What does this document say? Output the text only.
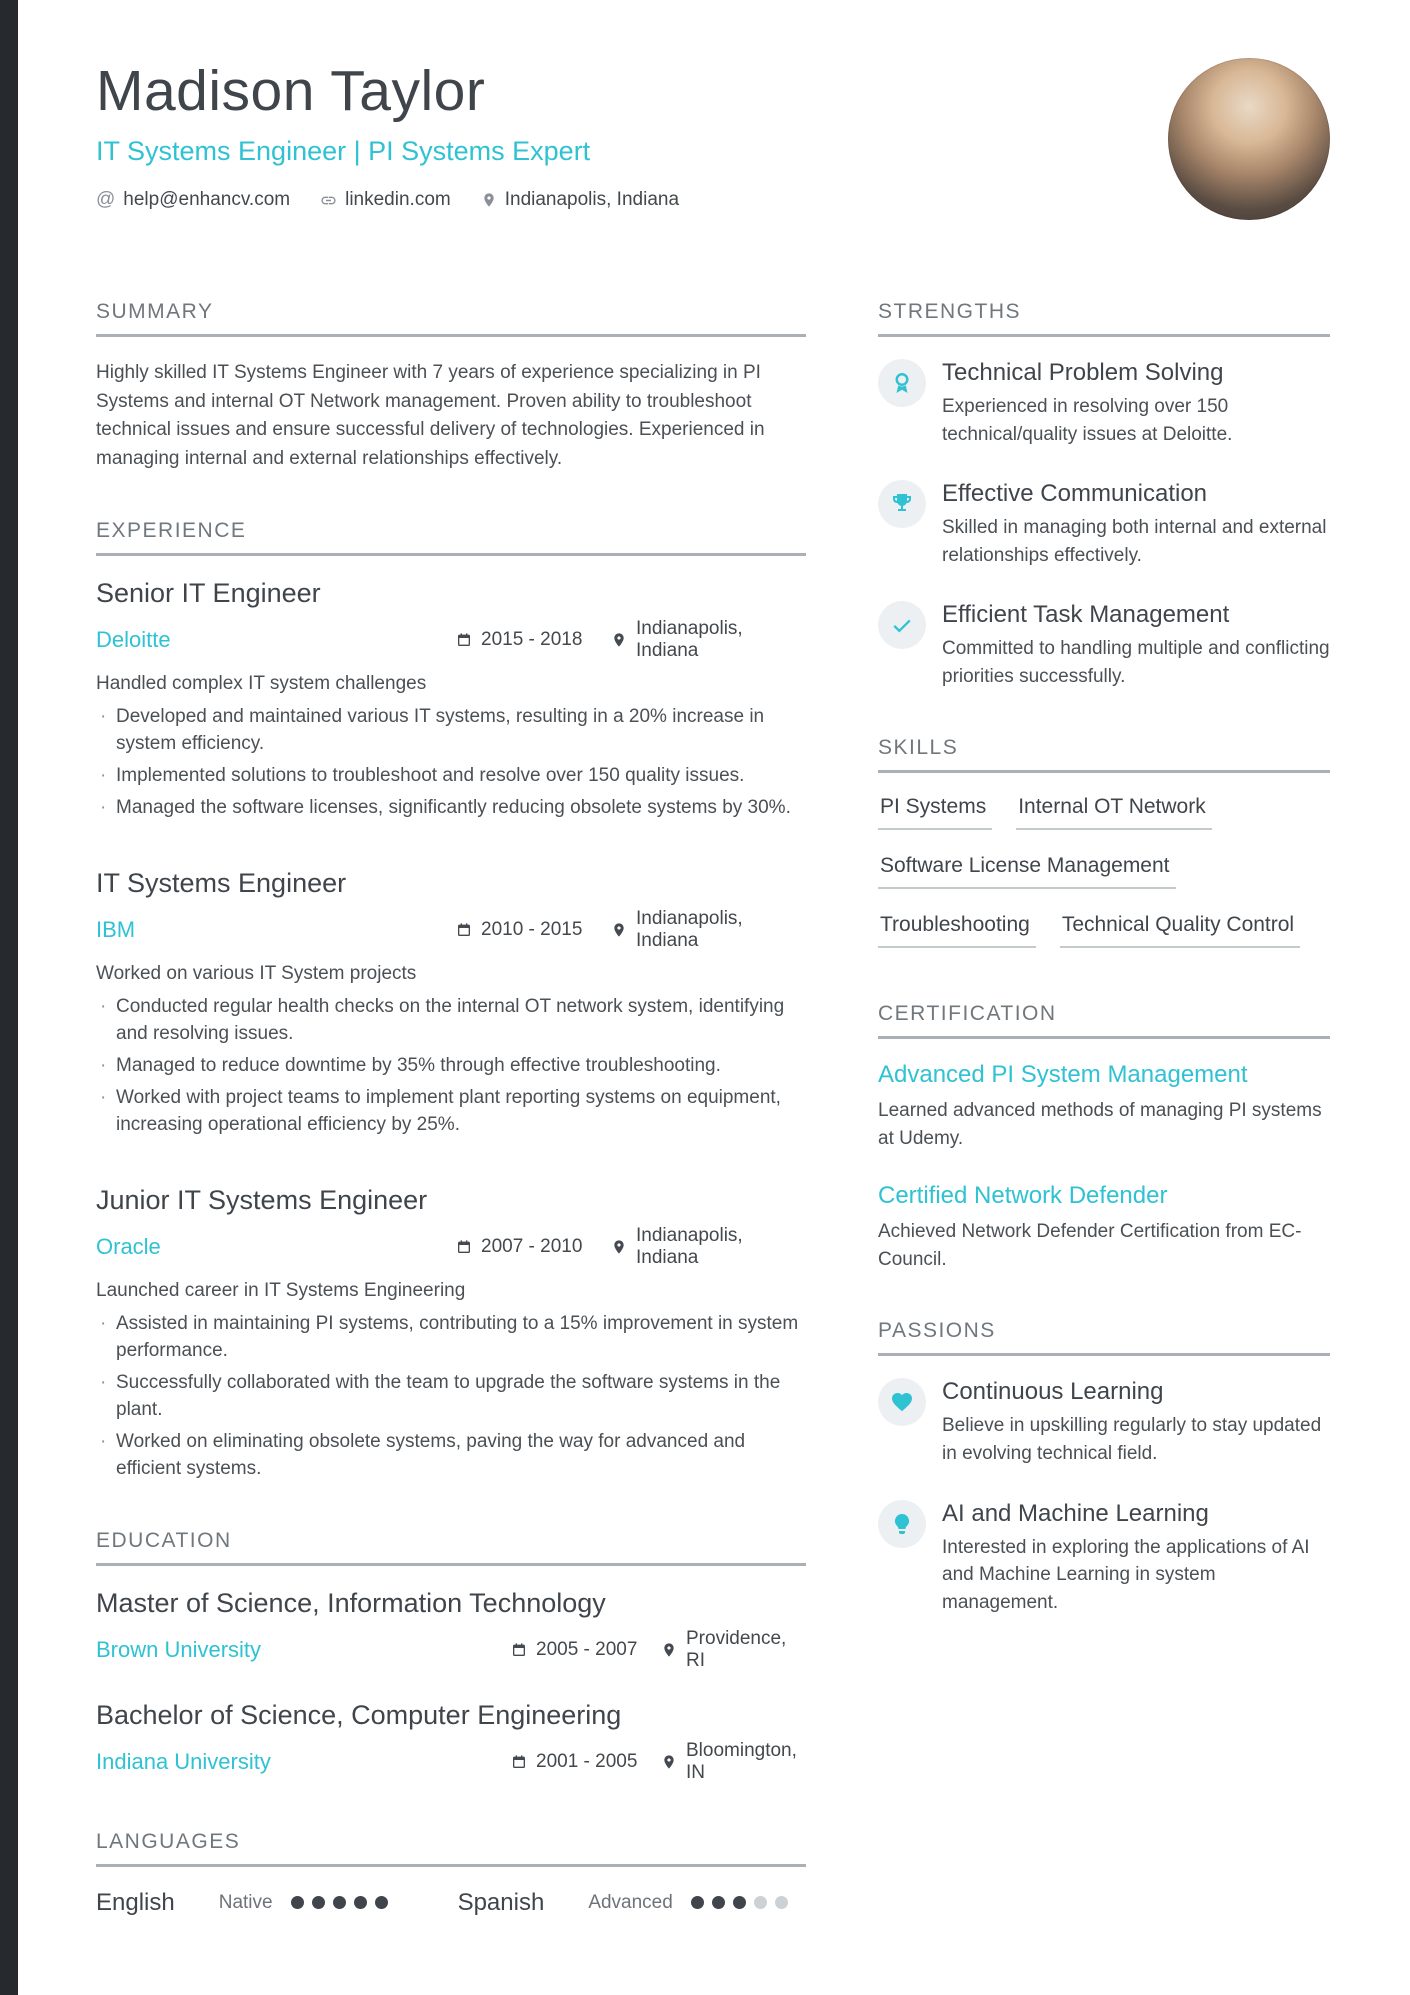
Madison Taylor
IT Systems Engineer | PI Systems Expert
@ help@enhancv.com	linkedin.com	Indianapolis, Indiana
SUMMARY

Highly skilled IT Systems Engineer with 7 years of experience specializing in PI Systems and internal OT Network management. Proven ability to troubleshoot technical issues and ensure successful delivery of technologies. Experienced in managing internal and external relationships effectively.

EXPERIENCE
Senior IT Engineer
Deloitte	2015 - 2018
Indianapolis, Indiana
Handled complex IT system challenges
· Developed and maintained various IT systems, resulting in a 20% increase in system efficiency.
· Implemented solutions to troubleshoot and resolve over 150 quality issues.
· Managed the software licenses, significantly reducing obsolete systems by 30%.
IT Systems Engineer
IBM	2010 - 2015
Indianapolis, Indiana
Worked on various IT System projects
· Conducted regular health checks on the internal OT network system, identifying and resolving issues.
· Managed to reduce downtime by 35% through effective troubleshooting.
· Worked with project teams to implement plant reporting systems on equipment, increasing operational efficiency by 25%.
Junior IT Systems Engineer
Oracle	2007 - 2010
Indianapolis, Indiana
Launched career in IT Systems Engineering
· Assisted in maintaining PI systems, contributing to a 15% improvement in system performance.
· Successfully collaborated with the team to upgrade the software systems in the plant.
· Worked on eliminating obsolete systems, paving the way for advanced and efficient systems.
EDUCATION
Master of Science, Information Technology
Brown University	2005 - 2007
Providence, RI
Bachelor of Science, Computer Engineering
Indiana University	2001 - 2005
Bloomington, IN
LANGUAGES
English Native	Spanish Advanced
STRENGTHS
Technical Problem Solving
Experienced in resolving over 150 technical/quality issues at Deloitte.
Effective Communication
Skilled in managing both internal and external relationships effectively.
Efficient Task Management
Committed to handling multiple and conflicting priorities successfully.
SKILLS
PI Systems Internal OT Network
Software License Management
Troubleshooting Technical Quality Control
CERTIFICATION
Advanced PI System Management
Learned advanced methods of managing PI systems at Udemy.
Certified Network Defender
Achieved Network Defender Certification from EC-Council.
PASSIONS
Continuous Learning
Believe in upskilling regularly to stay updated in evolving technical field.
AI and Machine Learning
Interested in exploring the applications of AI and Machine Learning in system management.
